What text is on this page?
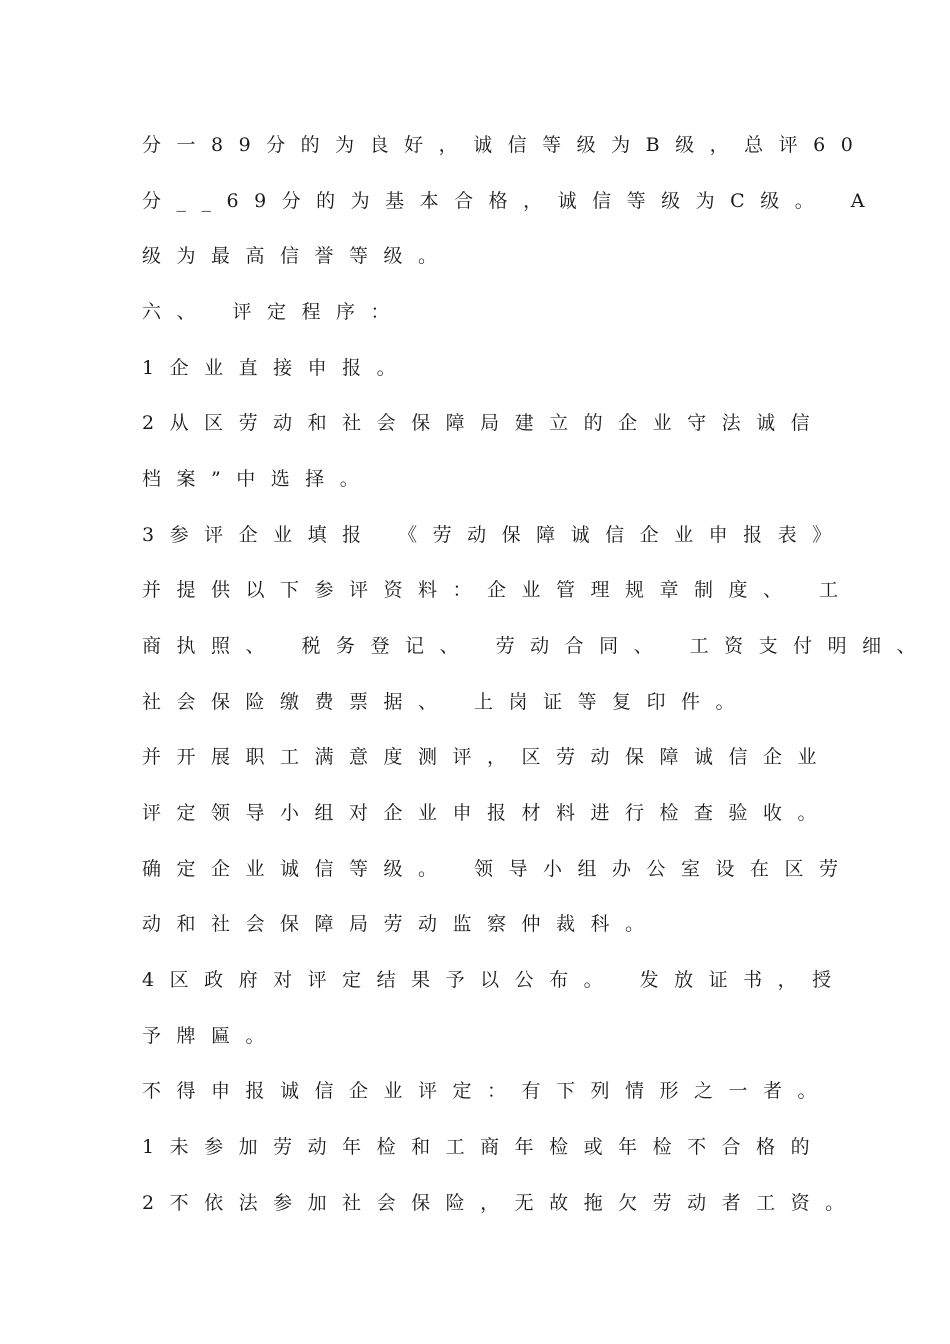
分一89分的为良好，诚信等级为B级，总评60
分__69分的为基本合格，诚信等级为C级。 A
级为最高信誉等级。
六、 评定程序：
1企业直接申报。
2从区劳动和社会保障局建立的企业守法诚信
档案”中选择。
3参评企业填报 《劳动保障诚信企业申报表》
并提供以下参评资料：企业管理规章制度、 工
商执照、 税务登记、 劳动合同、 工资支付明细、
社会保险缴费票据、 上岗证等复印件。
并开展职工满意度测评，区劳动保障诚信企业
评定领导小组对企业申报材料进行检查验收。
确定企业诚信等级。 领导小组办公室设在区劳
动和社会保障局劳动监察仲裁科。
4区政府对评定结果予以公布。 发放证书，授
予牌匾。
不得申报诚信企业评定：有下列情形之一者。
1未参加劳动年检和工商年检或年检不合格的
2不依法参加社会保险，无故拖欠劳动者工资。
